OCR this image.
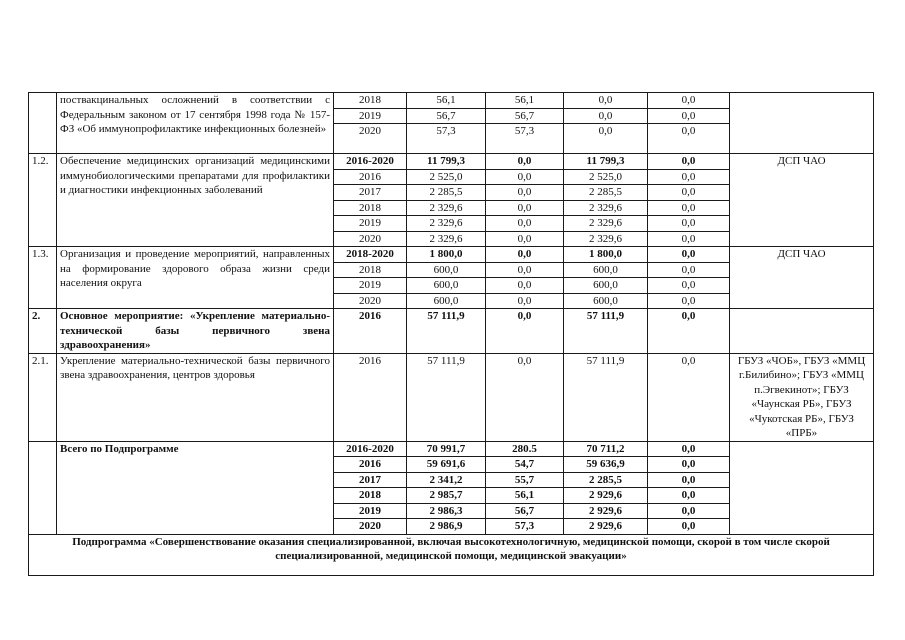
	поствакцинальных осложнений в соответствии с Федеральным законом от 17 сентября 1998 года № 157-ФЗ «Об иммунопрофилактике инфекционных болезней»	2018	56,1	56,1	0,0	0,0	
		2019	56,7	56,7	0,0	0,0	
		2020	57,3	57,3	0,0	0,0	
1.2.	Обеспечение медицинских организаций медицинскими иммунобиологическими препаратами для профилактики и диагностики инфекционных заболеваний	2016-2020	11 799,3	0,0	11 799,3	0,0	ДСП ЧАО
		2016	2 525,0	0,0	2 525,0	0,0	
		2017	2 285,5	0,0	2 285,5	0,0	
		2018	2 329,6	0,0	2 329,6	0,0	
		2019	2 329,6	0,0	2 329,6	0,0	
		2020	2 329,6	0,0	2 329,6	0,0	
1.3.	Организация и проведение мероприятий, направленных на формирование здорового образа жизни среди населения округа	2018-2020	1 800,0	0,0	1 800,0	0,0	ДСП ЧАО
		2018	600,0	0,0	600,0	0,0	
		2019	600,0	0,0	600,0	0,0	
		2020	600,0	0,0	600,0	0,0	
2.	Основное мероприятие: «Укрепление материально-технической базы первичного звена здравоохранения»	2016	57 111,9	0,0	57 111,9	0,0	
2.1.	Укрепление материально-технической базы первичного звена здравоохранения, центров здоровья	2016	57 111,9	0,0	57 111,9	0,0	ГБУЗ «ЧОБ», ГБУЗ «ММЦ г.Билибино»; ГБУЗ «ММЦ п.Эгвекинот»; ГБУЗ «Чаунская РБ», ГБУЗ «Чукотская РБ», ГБУЗ «ПРБ»
	Всего по Подпрограмме	2016-2020	70 991,7	280.5	70 711,2	0,0	
		2016	59 691,6	54,7	59 636,9	0,0	
		2017	2 341,2	55,7	2 285,5	0,0	
		2018	2 985,7	56,1	2 929,6	0,0	
		2019	2 986,3	56,7	2 929,6	0,0	
		2020	2 986,9	57,3	2 929,6	0,0	
Подпрограмма «Совершенствование оказания специализированной, включая высокотехнологичную, медицинской помощи, скорой в том числе скорой специализированной, медицинской помощи, медицинской эвакуации»							
